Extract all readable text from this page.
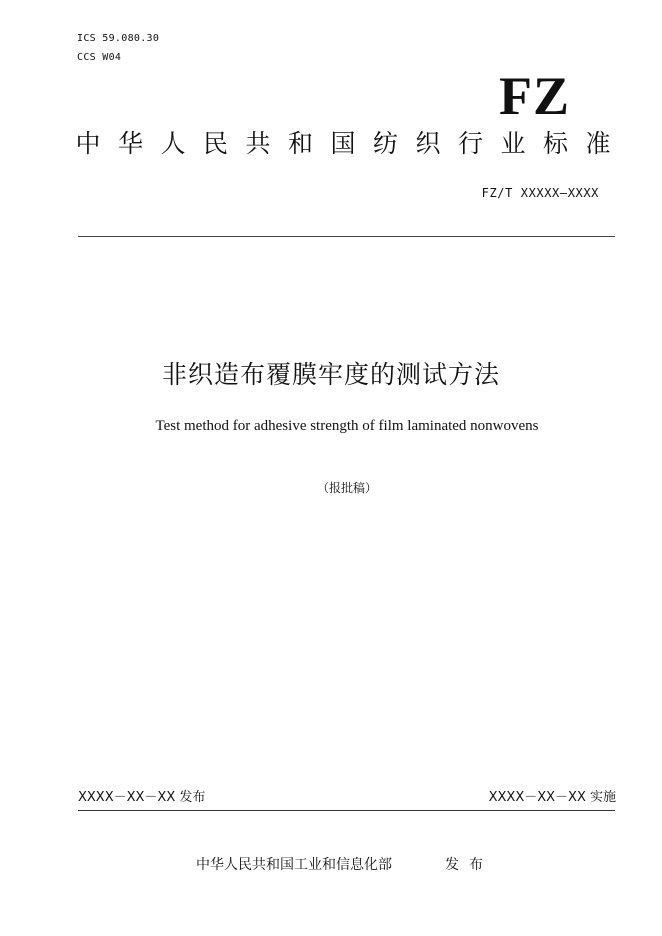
ICS 59.080.30
CCS W04
FZ
中 华 人 民 共 和 国 纺 织 行 业 标 准
FZ/T XXXXX—XXXX
非织造布覆膜牢度的测试方法
Test method for adhesive strength of film laminated nonwovens
（报批稿）
XXXX－XX－XX 发布	XXXX－XX－XX 实施
中华人民共和国工业和信息化部	发布
